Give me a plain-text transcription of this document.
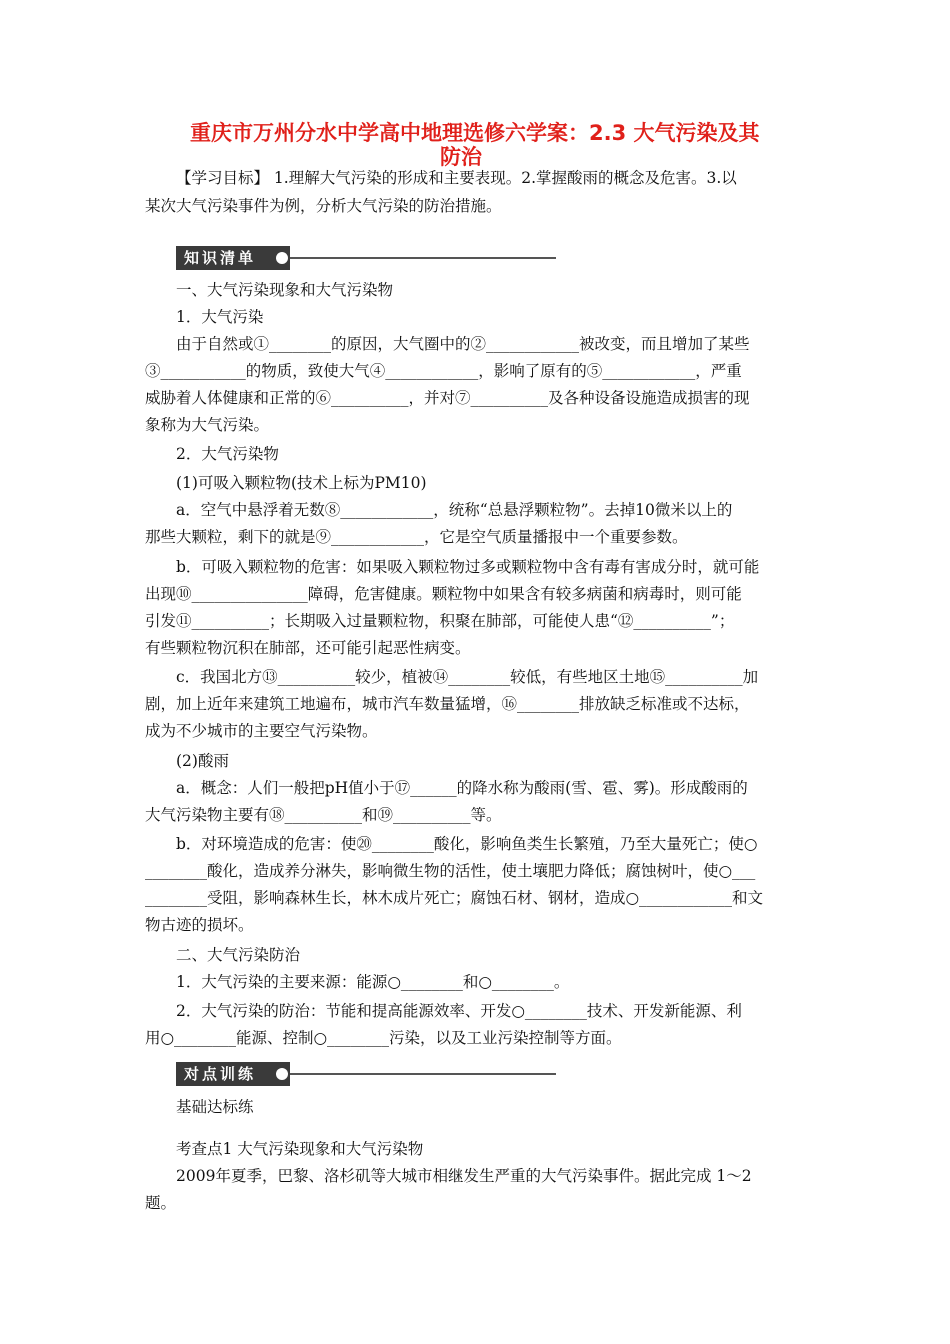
重庆市万州分水中学高中地理选修六学案：2.3 大气污染及其
防治
【学习目标】 1.理解大气污染的形成和主要表现。2.掌握酸雨的概念及危害。3.以
某次大气污染事件为例，分析大气污染的防治措施。
知识清单
一、大气污染现象和大气污染物
1．大气污染
由于自然或①________的原因，大气圈中的②____________被改变，而且增加了某些
③___________的物质，致使大气④____________，影响了原有的⑤____________，严重
威胁着人体健康和正常的⑥__________，并对⑦__________及各种设备设施造成损害的现
象称为大气污染。
2．大气污染物
(1)可吸入颗粒物(技术上标为PM10)
a．空气中悬浮着无数⑧____________，统称“总悬浮颗粒物”。去掉10微米以上的
那些大颗粒，剩下的就是⑨____________，它是空气质量播报中一个重要参数。
b．可吸入颗粒物的危害：如果吸入颗粒物过多或颗粒物中含有毒有害成分时，就可能
出现⑩_______________障碍，危害健康。颗粒物中如果含有较多病菌和病毒时，则可能
引发⑪__________；长期吸入过量颗粒物，积聚在肺部，可能使人患“⑫__________”；
有些颗粒物沉积在肺部，还可能引起恶性病变。
c．我国北方⑬__________较少，植被⑭________较低，有些地区土地⑮__________加
剧，加上近年来建筑工地遍布，城市汽车数量猛增，⑯________排放缺乏标准或不达标，
成为不少城市的主要空气污染物。
(2)酸雨
a．概念：人们一般把pH值小于⑰______的降水称为酸雨(雪、雹、雾)。形成酸雨的
大气污染物主要有⑱__________和⑲__________等。
b．对环境造成的危害：使⑳________酸化，影响鱼类生长繁殖，乃至大量死亡；使○
________酸化，造成养分淋失，影响微生物的活性，使土壤肥力降低；腐蚀树叶，使○___
________受阻，影响森林生长，林木成片死亡；腐蚀石材、钢材，造成○____________和文
物古迹的损坏。
二、大气污染防治
1．大气污染的主要来源：能源○________和○________。
2．大气污染的防治：节能和提高能源效率、开发○________技术、开发新能源、利
用○________能源、控制○________污染，以及工业污染控制等方面。
对点训练
基础达标练
考查点1 大气污染现象和大气污染物
2009年夏季，巴黎、洛杉矶等大城市相继发生严重的大气污染事件。据此完成 1～2
题。
